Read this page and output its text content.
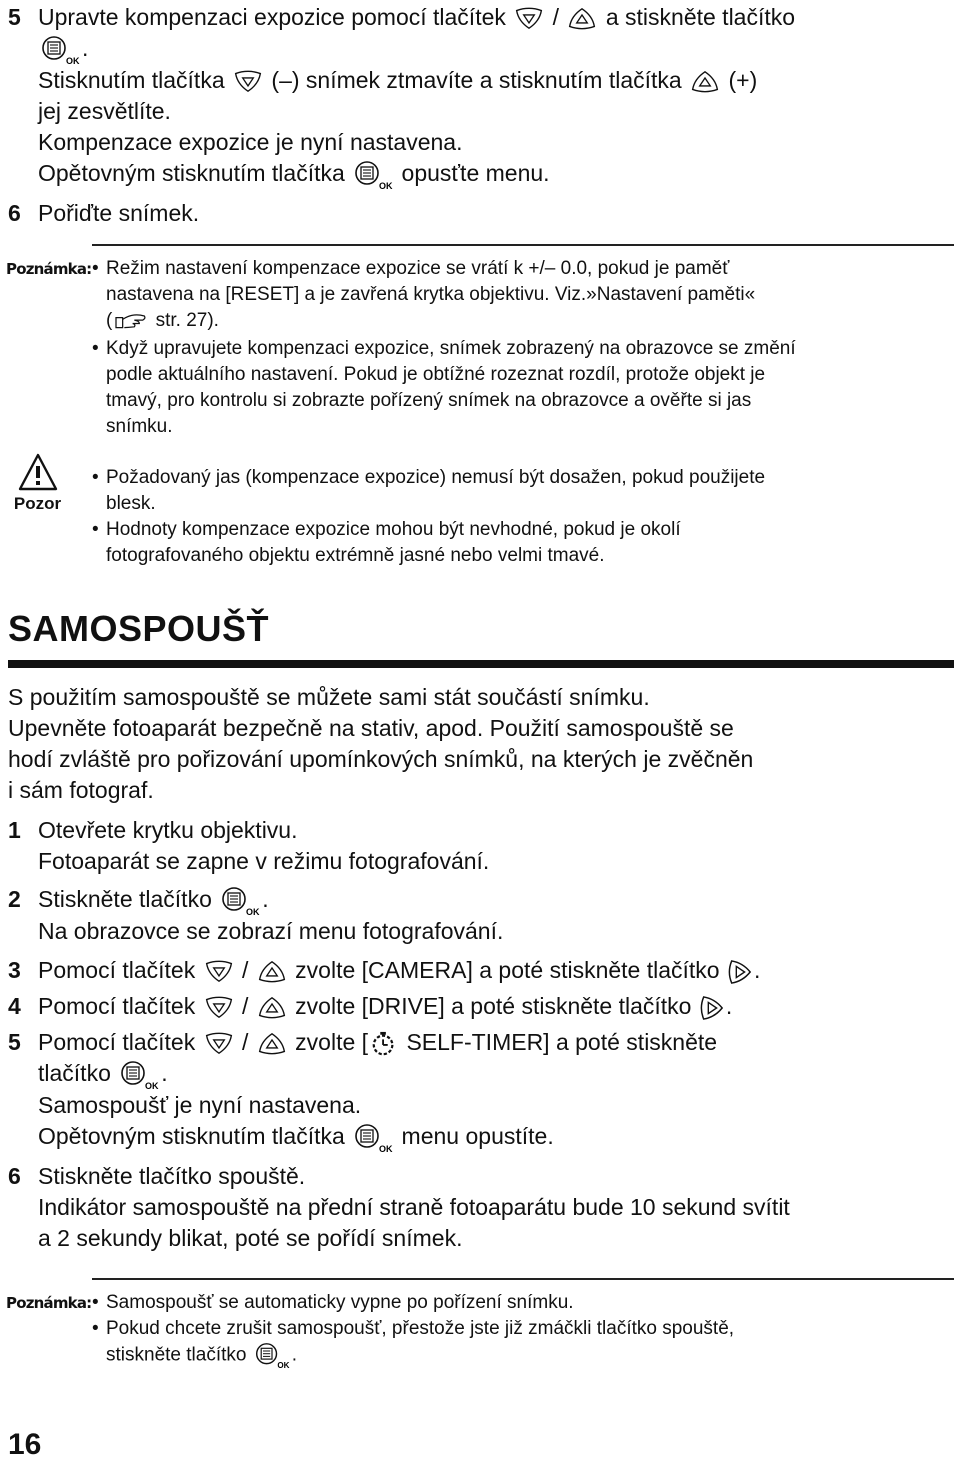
5 Upravte kompenzaci expozice pomocí tlačítek
/
a stiskněte tlačítko
OK .
Stisknutím tlačítka
(–) snímek ztmavíte a stisknutím tlačítka
(+)
jej zesvětlíte.
Kompenzace expozice je nyní nastavena.
Opětovným stisknutím tlačítka	OK opusťte menu.
6 Pořiďte snímek.
Poznámka: • Režim nastavení kompenzace expozice se vrátí k +/– 0.0, pokud je paměť
nastavena na [RESET] a je zavřená krytka objektivu. Viz.»Nastavení paměti«
( str. 27).
• Když upravujete kompenzaci expozice, snímek zobrazený na obrazovce se změní
podle aktuálního nastavení. Pokud je obtížné rozeznat rozdíl, protože objekt je
tmavý, pro kontrolu si zobrazte pořízený snímek na obrazovce a ověřte si jas
snímku.
Pozor
• Požadovaný jas (kompenzace expozice) nemusí být dosažen, pokud použijete
blesk.
• Hodnoty kompenzace expozice mohou být nevhodné, pokud je okolí
fotografovaného objektu extrémně jasné nebo velmi tmavé.
SAMOSPOUŠŤ
S použitím samospouště se můžete sami stát součástí snímku.
Upevněte fotoaparát bezpečně na stativ, apod. Použití samospouště se
hodí zvláště pro pořizování upomínkových snímků, na kterých je zvěčněn
i sám fotograf.
1 Otevřete krytku objektivu.
Fotoaparát se zapne v režimu fotografování.
2 Stiskněte tlačítko	OK .
Na obrazovce se zobrazí menu fotografování.
3 Pomocí tlačítek
/
zvolte [CAMERA] a poté stiskněte tlačítko
.
4 Pomocí tlačítek
/
zvolte [DRIVE] a poté stiskněte tlačítko
.
5 Pomocí tlačítek
/
zvolte [
SELF-TIMER] a poté stiskněte
tlačítko	OK .
Samospoušť je nyní nastavena.
Opětovným stisknutím tlačítka	OK menu opustíte.
6 Stiskněte tlačítko spouště.
Indikátor samospouště na přední straně fotoaparátu bude 10 sekund svítit
a 2 sekundy blikat, poté se pořídí snímek.
Poznámka: • Samospoušť se automaticky vypne po pořízení snímku.
• Pokud chcete zrušit samospoušť, přestože jste již zmáčkli tlačítko spouště,
stiskněte tlačítko
OK
.
16
